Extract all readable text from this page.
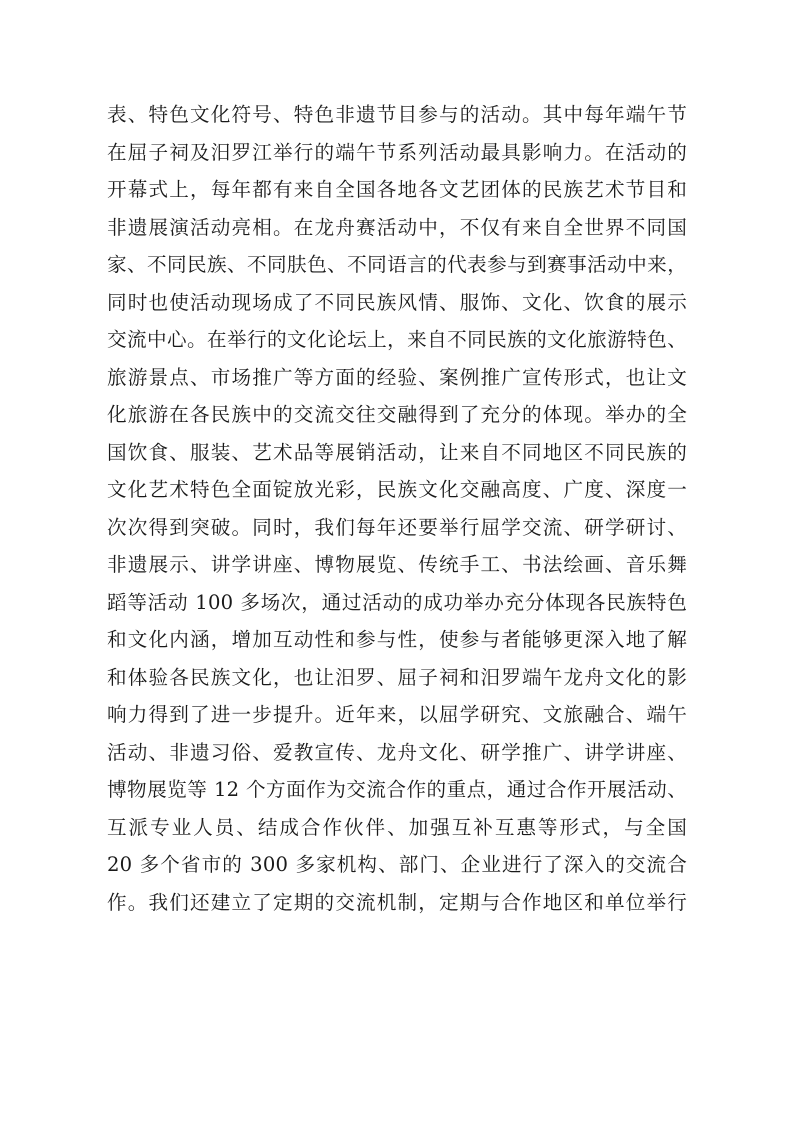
表、特色文化符号、特色非遗节目参与的活动。其中每年端午节
在屈子祠及汨罗江举行的端午节系列活动最具影响力。在活动的
开幕式上，每年都有来自全国各地各文艺团体的民族艺术节目和
非遗展演活动亮相。在龙舟赛活动中，不仅有来自全世界不同国
家、不同民族、不同肤色、不同语言的代表参与到赛事活动中来，
同时也使活动现场成了不同民族风情、服饰、文化、饮食的展示
交流中心。在举行的文化论坛上，来自不同民族的文化旅游特色、
旅游景点、市场推广等方面的经验、案例推广宣传形式，也让文
化旅游在各民族中的交流交往交融得到了充分的体现。举办的全
国饮食、服装、艺术品等展销活动，让来自不同地区不同民族的
文化艺术特色全面锭放光彩，民族文化交融高度、广度、深度一
次次得到突破。同时，我们每年还要举行屈学交流、研学研讨、
非遗展示、讲学讲座、博物展览、传统手工、书法绘画、音乐舞
蹈等活动 100 多场次，通过活动的成功举办充分体现各民族特色
和文化内涵，增加互动性和参与性，使参与者能够更深入地了解
和体验各民族文化，也让汨罗、屈子祠和汨罗端午龙舟文化的影
响力得到了进一步提升。近年来，以屈学研究、文旅融合、端午
活动、非遗习俗、爱教宣传、龙舟文化、研学推广、讲学讲座、
博物展览等 12 个方面作为交流合作的重点，通过合作开展活动、
互派专业人员、结成合作伙伴、加强互补互惠等形式，与全国
20 多个省市的 300 多家机构、部门、企业进行了深入的交流合
作。我们还建立了定期的交流机制，定期与合作地区和单位举行
